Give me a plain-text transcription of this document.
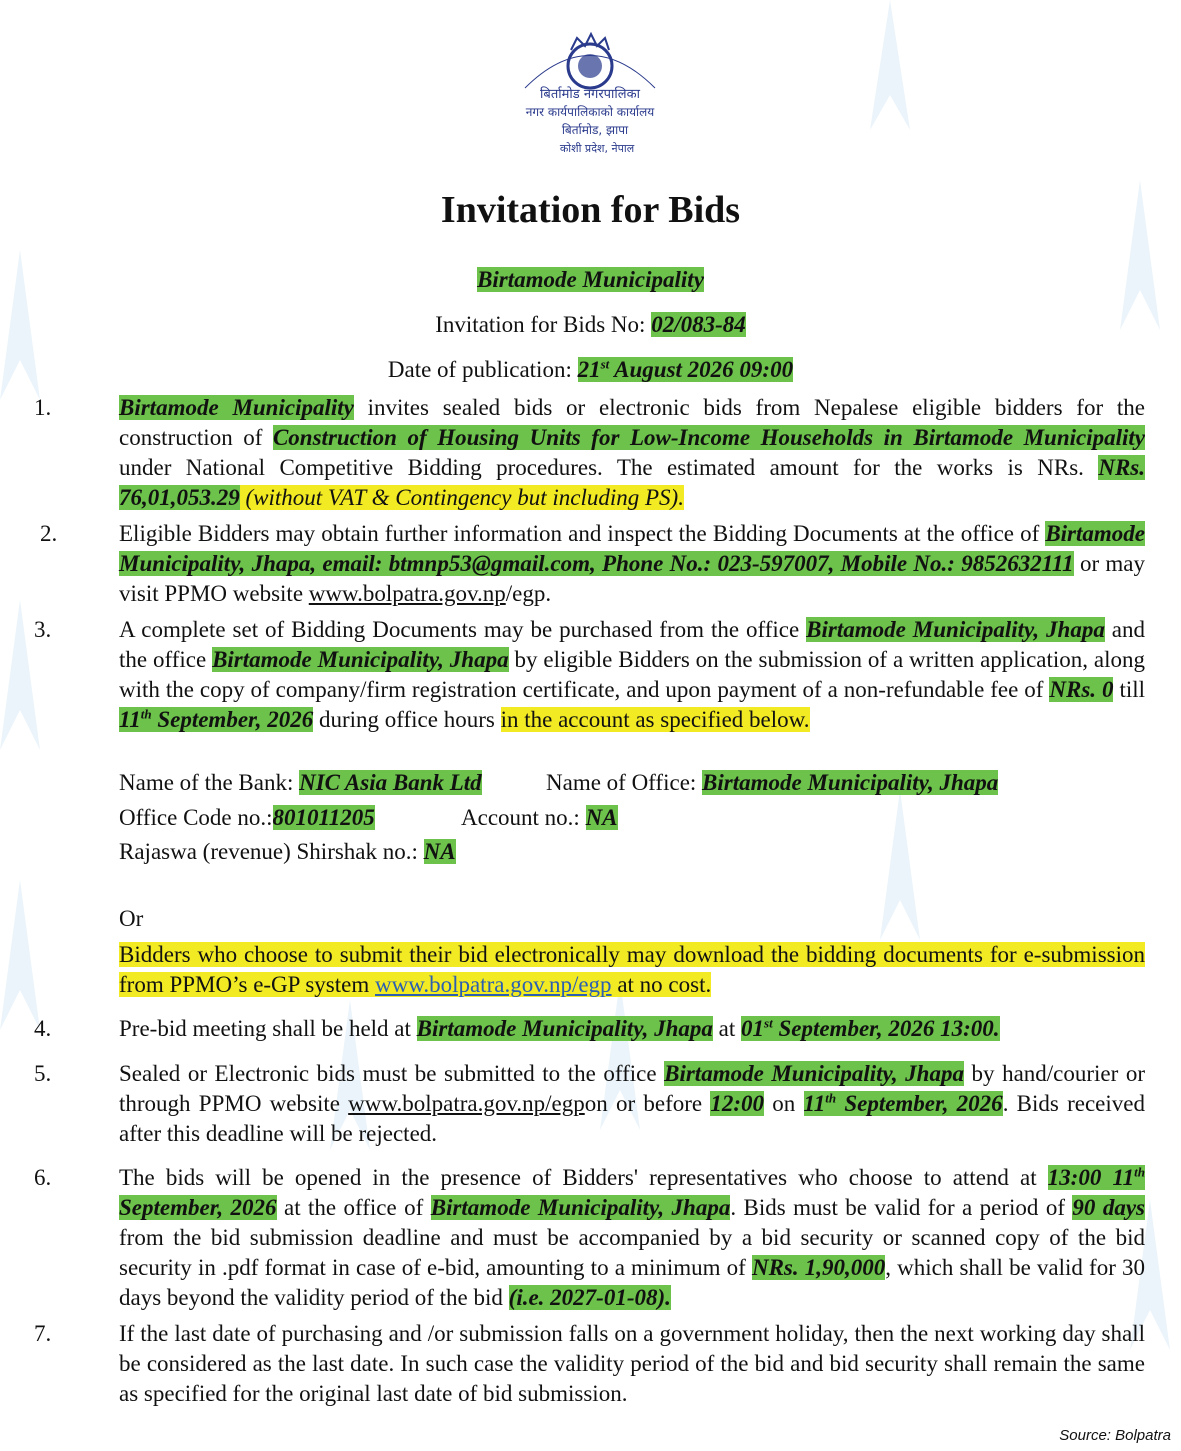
बिर्तामोड नगरपालिका
नगर कार्यपालिकाको कार्यालय
बिर्तामोड, झापा
कोशी प्रदेश, नेपाल
Invitation for Bids
Birtamode Municipality
Invitation for Bids No: 02/083-84
Date of publication: 21st August 2026 09:00
1.	Birtamode Municipality invites sealed bids or electronic bids from Nepalese eligible bidders for the construction of Construction of Housing Units for Low-Income Households in Birtamode Municipality under National Competitive Bidding procedures. The estimated amount for the works is NRs. NRs. 76,01,053.29 (without VAT & Contingency but including PS).
2.	Eligible Bidders may obtain further information and inspect the Bidding Documents at the office of Birtamode Municipality, Jhapa, email: btmnp53@gmail.com, Phone No.: 023-597007, Mobile No.: 9852632111 or may visit PPMO website www.bolpatra.gov.np/egp.
3.	A complete set of Bidding Documents may be purchased from the office Birtamode Municipality, Jhapa and the office Birtamode Municipality, Jhapa by eligible Bidders on the submission of a written application, along with the copy of company/firm registration certificate, and upon payment of a non-refundable fee of NRs. 0 till 11th September, 2026 during office hours in the account as specified below.
Name of the Bank: NIC Asia Bank Ltd	Name of Office: Birtamode Municipality, Jhapa
Office Code no.:801011205	Account no.: NA
Rajaswa (revenue) Shirshak no.: NA
Or
Bidders who choose to submit their bid electronically may download the bidding documents for e-submission from PPMO’s e-GP system www.bolpatra.gov.np/egp at no cost.
4.	Pre-bid meeting shall be held at Birtamode Municipality, Jhapa at 01st September, 2026 13:00.
5.	Sealed or Electronic bids must be submitted to the office Birtamode Municipality, Jhapa by hand/courier or through PPMO website www.bolpatra.gov.np/egpon or before 12:00 on 11th September, 2026. Bids received after this deadline will be rejected.
6.	The bids will be opened in the presence of Bidders' representatives who choose to attend at 13:00 11th September, 2026 at the office of Birtamode Municipality, Jhapa. Bids must be valid for a period of 90 days from the bid submission deadline and must be accompanied by a bid security or scanned copy of the bid security in .pdf format in case of e-bid, amounting to a minimum of NRs. 1,90,000, which shall be valid for 30 days beyond the validity period of the bid (i.e. 2027-01-08).
7.	If the last date of purchasing and /or submission falls on a government holiday, then the next working day shall be considered as the last date. In such case the validity period of the bid and bid security shall remain the same as specified for the original last date of bid submission.
Source: Bolpatra
